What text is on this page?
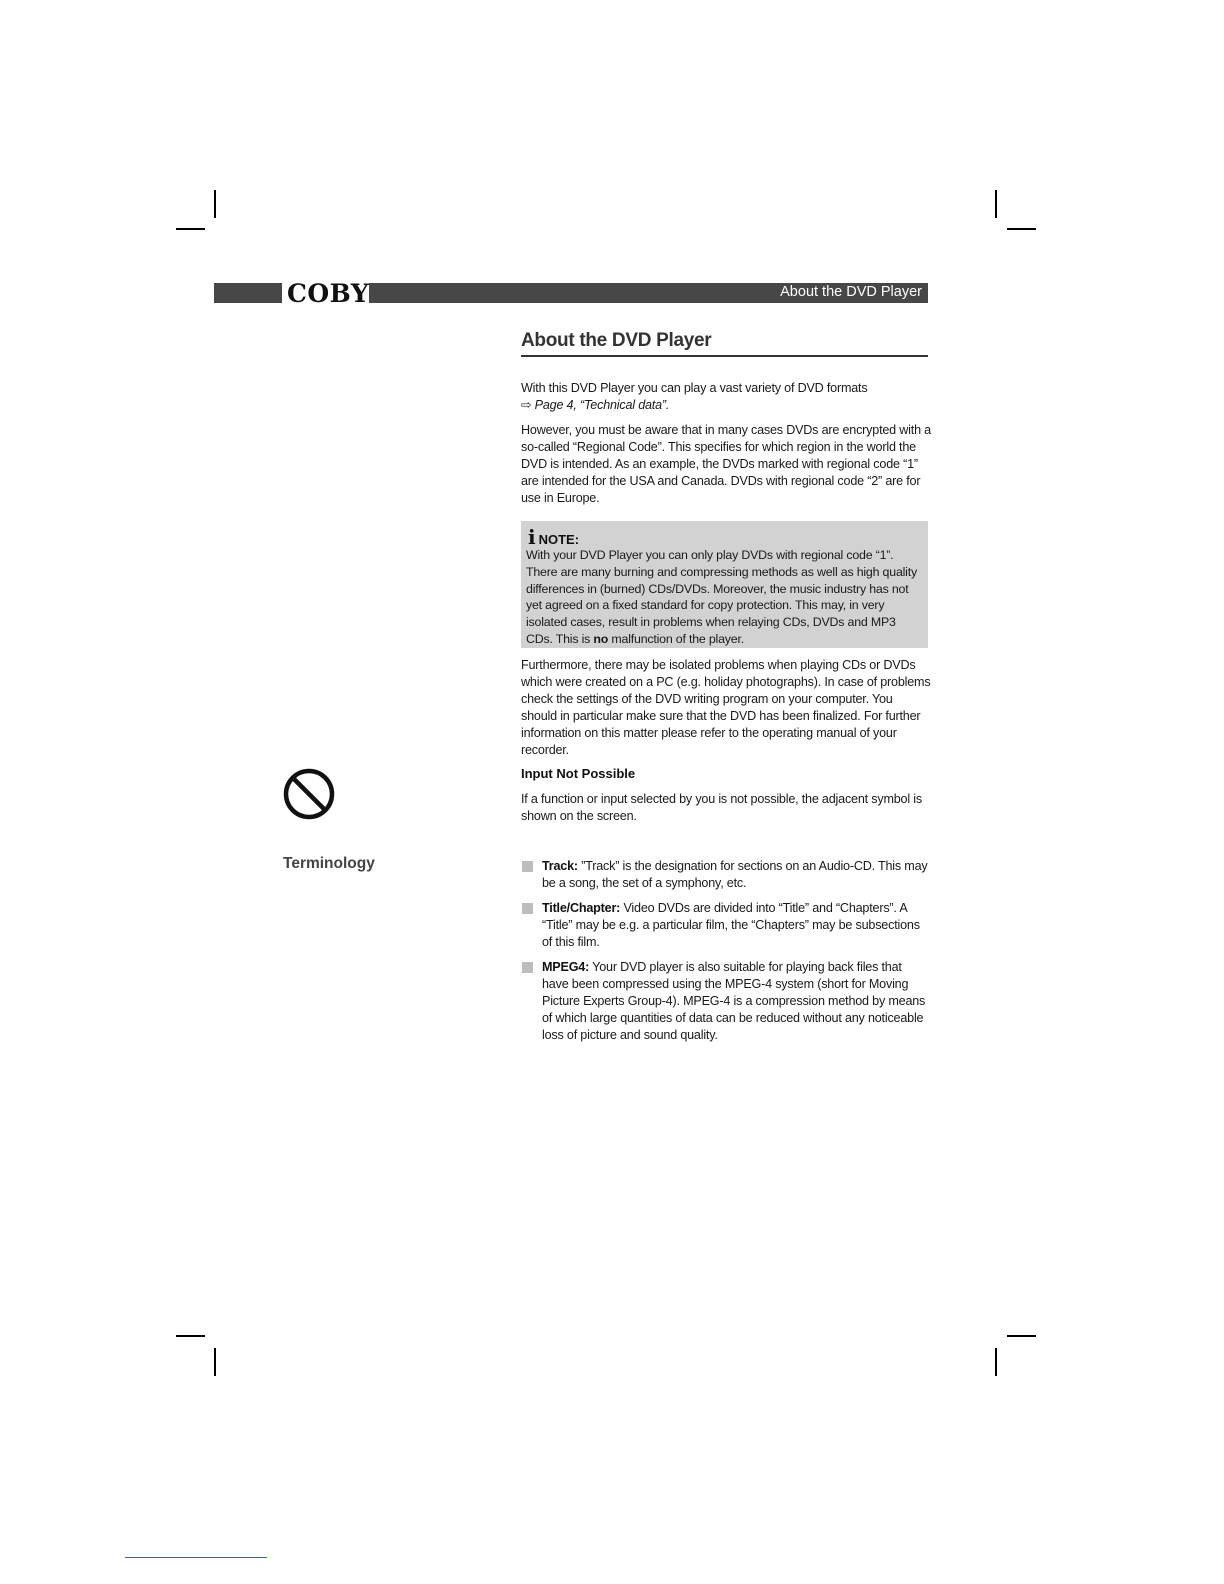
COBY	About the DVD Player
About the DVD Player

With this DVD Player you can play a vast variety of DVD formats

⇨ Page 4, “Technical data”.

However, you must be aware that in many cases DVDs are encrypted with a so-called “Regional Code”. This specifies for which region in the world the DVD is intended. As an example, the DVDs marked with regional code “1” are intended for the USA and Canada. DVDs with regional code “2” are for use in Europe.

iNOTE:

With your DVD Player you can only play DVDs with regional code “1”. There are many burning and compressing methods as well as high quality differences in (burned) CDs/DVDs. Moreover, the music industry has not yet agreed on a fixed standard for copy protection. This may, in very isolated cases, result in problems when relaying CDs, DVDs and MP3 CDs. This is no malfunction of the player.

Furthermore, there may be isolated problems when playing CDs or DVDs which were created on a PC (e.g. holiday photographs). In case of problems check the settings of the DVD writing program on your computer. You should in particular make sure that the DVD has been finalized. For further information on this matter please refer to the operating manual of your recorder.

Input Not Possible

If a function or input selected by you is not possible, the adjacent symbol is shown on the screen.

Terminology	Track: ”Track” is the designation for sections on an Audio-CD. This may be a song, the set of a symphony, etc.

Title/Chapter: Video DVDs are divided into “Title” and “Chapters”. A “Title” may be e.g. a particular film, the “Chapters” may be subsections of this film.

MPEG4: Your DVD player is also suitable for playing back files that have been compressed using the MPEG-4 system (short for Moving Picture Experts Group-4). MPEG-4 is a compression method by means of which large quantities of data can be reduced without any noticeable loss of picture and sound quality.
